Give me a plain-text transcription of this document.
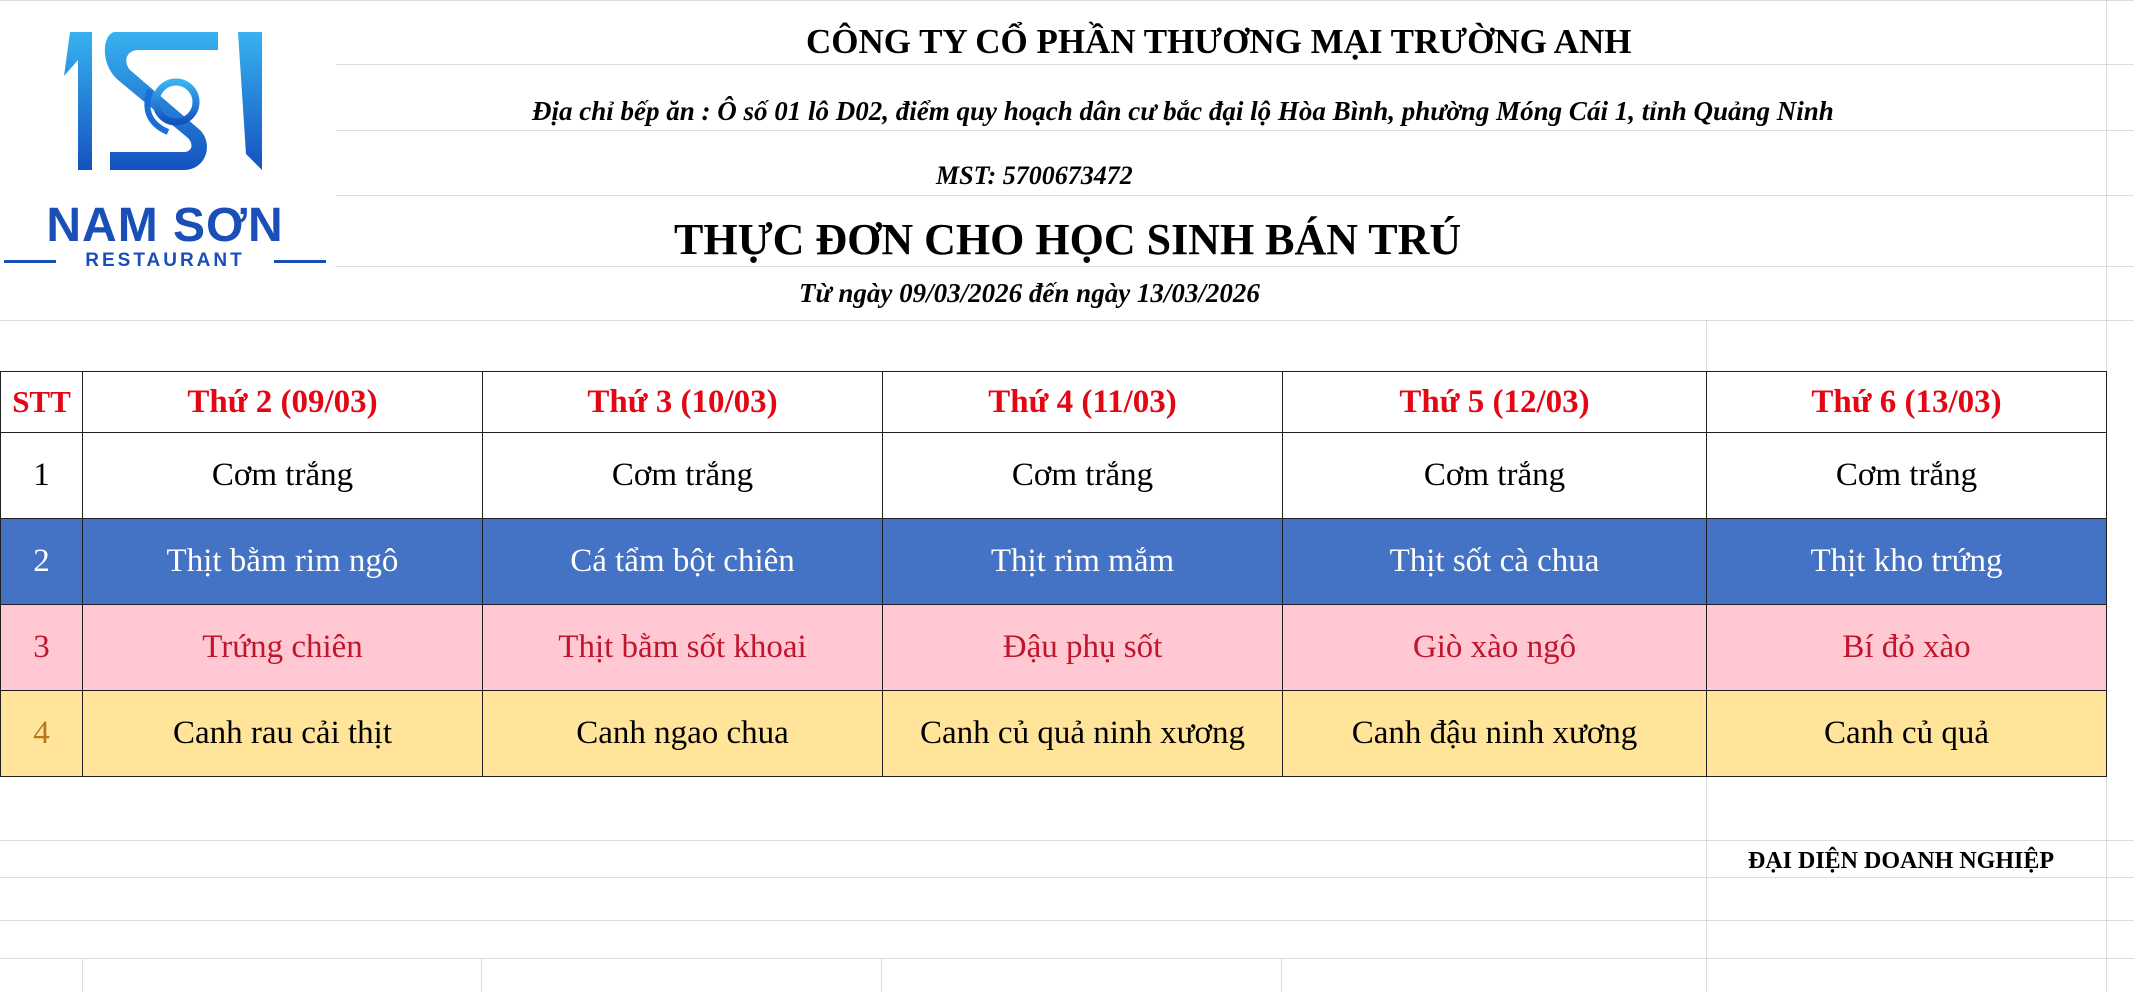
NAM SƠN
RESTAURANT
CÔNG TY CỔ PHẦN THƯƠNG MẠI TRƯỜNG ANH
Địa chỉ bếp ăn : Ô số 01 lô D02, điểm quy hoạch dân cư bắc đại lộ Hòa Bình, phường Móng Cái 1, tỉnh Quảng Ninh
MST: 5700673472
THỰC ĐƠN CHO HỌC SINH BÁN TRÚ
Từ ngày 09/03/2026 đến ngày 13/03/2026
STT	Thứ 2 (09/03)	Thứ 3 (10/03)	Thứ 4 (11/03)	Thứ 5 (12/03)	Thứ 6 (13/03)
1	Cơm trắng	Cơm trắng	Cơm trắng	Cơm trắng	Cơm trắng
2	Thịt bằm rim ngô	Cá tẩm bột chiên	Thịt rim mắm	Thịt sốt cà chua	Thịt kho trứng
3	Trứng chiên	Thịt bằm sốt khoai	Đậu phụ sốt	Giò xào ngô	Bí đỏ xào
4	Canh rau cải thịt	Canh ngao chua	Canh củ quả ninh xương	Canh đậu ninh xương	Canh củ quả
ĐẠI DIỆN DOANH NGHIỆP
